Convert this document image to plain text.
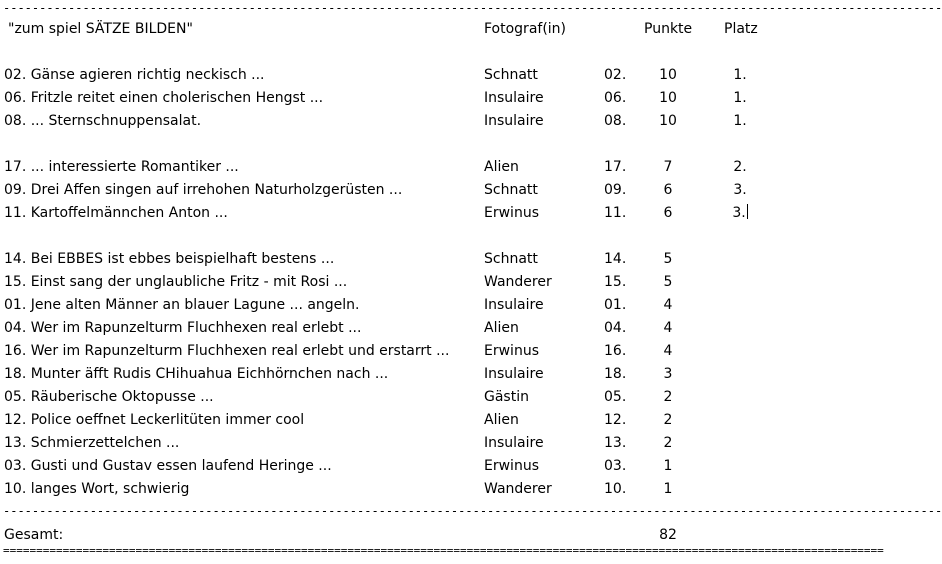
----------------------------------------------------------------------------------------------------------------------------------
"zum spiel SÄTZE BILDEN"	Fotograf(in)	Punkte Platz
02. Gänse agieren richtig neckisch ...	Schnatt	02.	10	1.
06. Fritzle reitet einen cholerischen Hengst ...	Insulaire	06.	10	1.
08. ... Sternschnuppensalat.	Insulaire	08.	10	1.
17. ... interessierte Romantiker ...	Alien	17.	7	2.
09. Drei Affen singen auf irrehohen Naturholzgerüsten ...	Schnatt	09.	6	3.
11. Kartoffelmännchen Anton ...	Erwinus	11.	6	3.
14. Bei EBBES ist ebbes beispielhaft bestens ...	Schnatt	14.	5
15. Einst sang der unglaubliche Fritz - mit Rosi ...	Wanderer	15.	5
01. Jene alten Männer an blauer Lagune ... angeln.	Insulaire	01.	4
04. Wer im Rapunzelturm Fluchhexen real erlebt ...	Alien	04.	4
16. Wer im Rapunzelturm Fluchhexen real erlebt und erstarrt ... Erwinus	16.	4
18. Munter äfft Rudis CHihuahua Eichhörnchen nach ...	Insulaire	18.	3
05. Räuberische Oktopusse ...	Gästin	05.	2
12. Police oeffnet Leckerlitüten immer cool	Alien	12.	2
13. Schmierzettelchen ...	Insulaire	13.	2
03. Gusti und Gustav essen laufend Heringe ...	Erwinus	03.	1
10. langes Wort, schwierig	Wanderer	10.	1
----------------------------------------------------------------------------------------------------------------------------------
Gesamt:	82
=====================================================================================================================================
